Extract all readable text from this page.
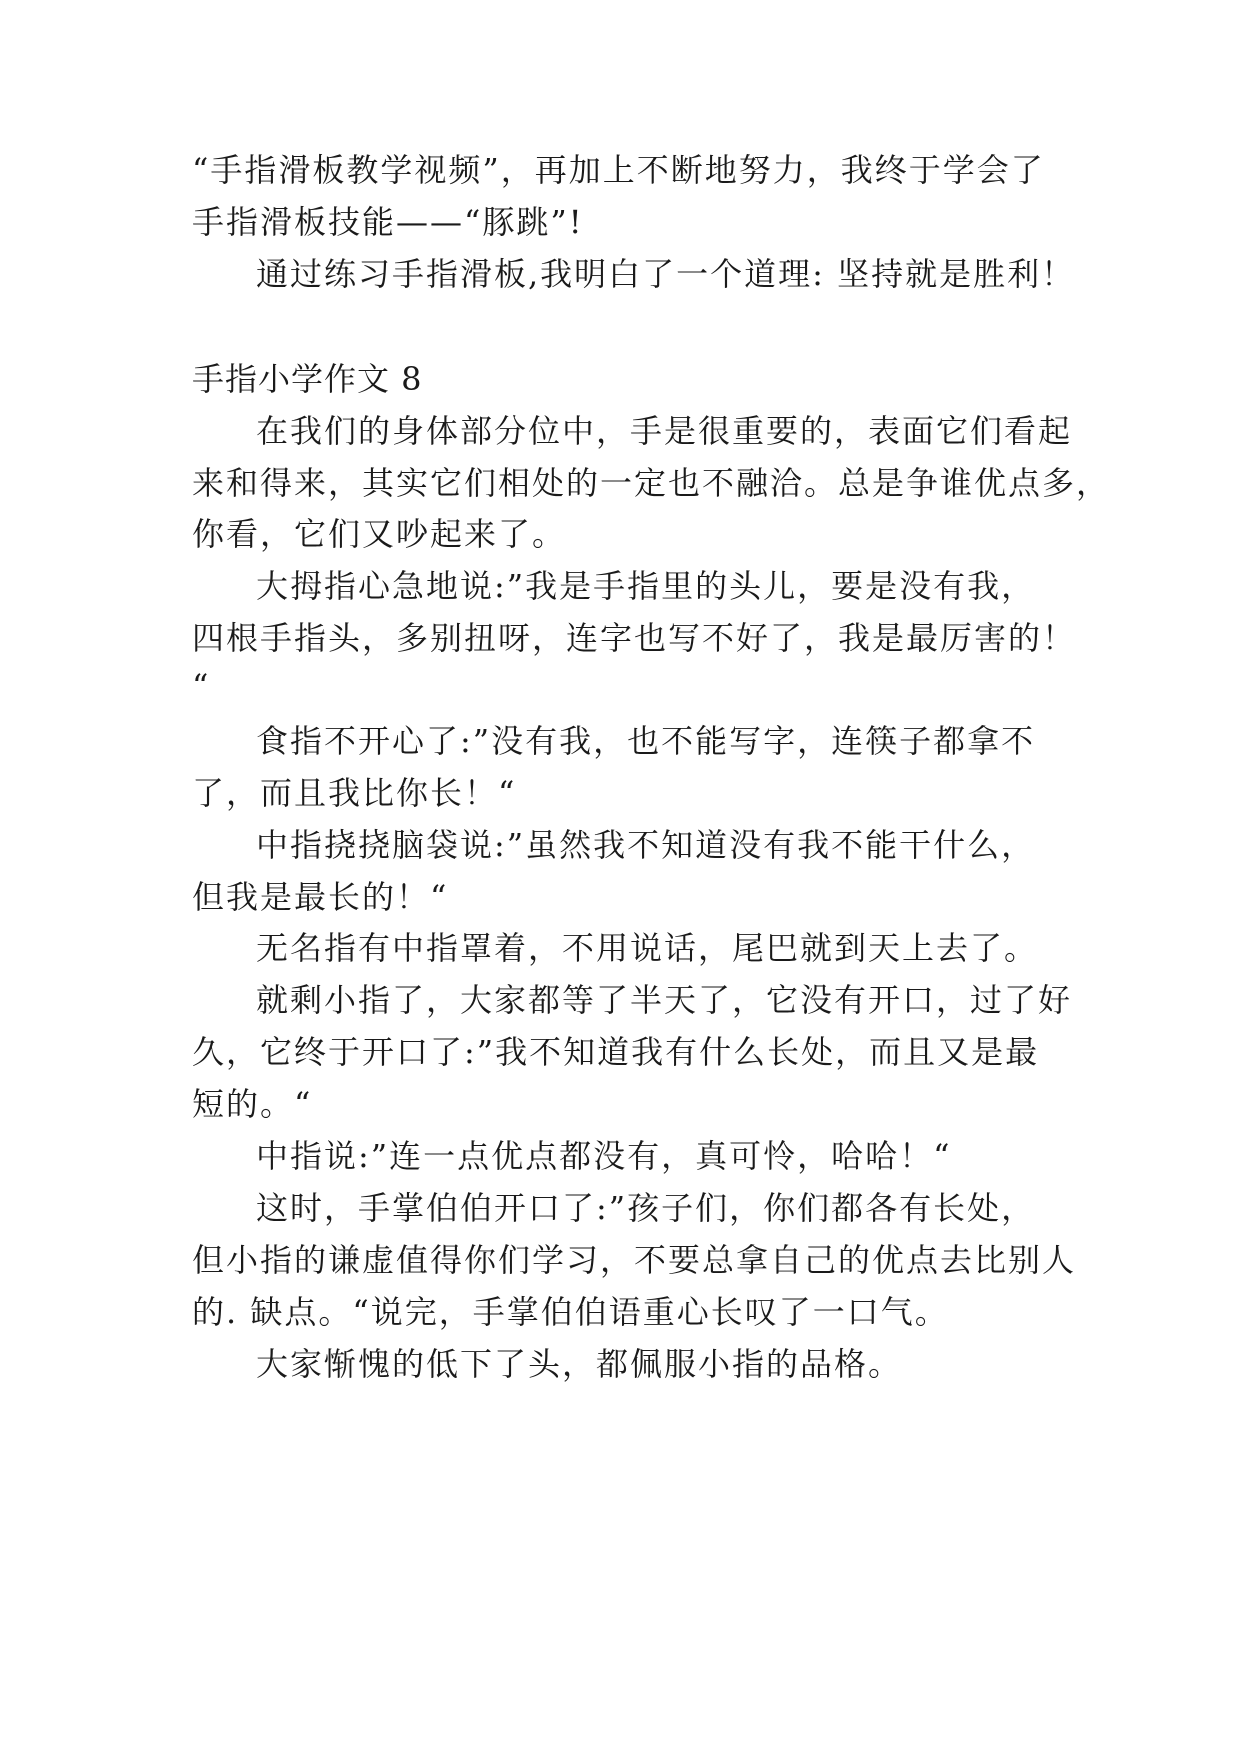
“手指滑板教学视频”，再加上不断地努力，我终于学会了
手指滑板技能——“豚跳”!
通过练习手指滑板,我明白了一个道理: 坚持就是胜利！
手指小学作文 8
在我们的身体部分位中，手是很重要的，表面它们看起
来和得来，其实它们相处的一定也不融洽。总是争谁优点多，
你看，它们又吵起来了。
大拇指心急地说:”我是手指里的头儿，要是没有我，
四根手指头，多别扭呀，连字也写不好了，我是最厉害的！
“
食指不开心了:”没有我，也不能写字，连筷子都拿不
了，而且我比你长！“
中指挠挠脑袋说:”虽然我不知道没有我不能干什么，
但我是最长的！“
无名指有中指罩着，不用说话，尾巴就到天上去了。
就剩小指了，大家都等了半天了，它没有开口，过了好
久，它终于开口了:”我不知道我有什么长处，而且又是最
短的。“
中指说:”连一点优点都没有，真可怜，哈哈！“
这时，手掌伯伯开口了:”孩子们，你们都各有长处，
但小指的谦虚值得你们学习，不要总拿自己的优点去比别人
的. 缺点。“说完，手掌伯伯语重心长叹了一口气。
大家惭愧的低下了头，都佩服小指的品格。
